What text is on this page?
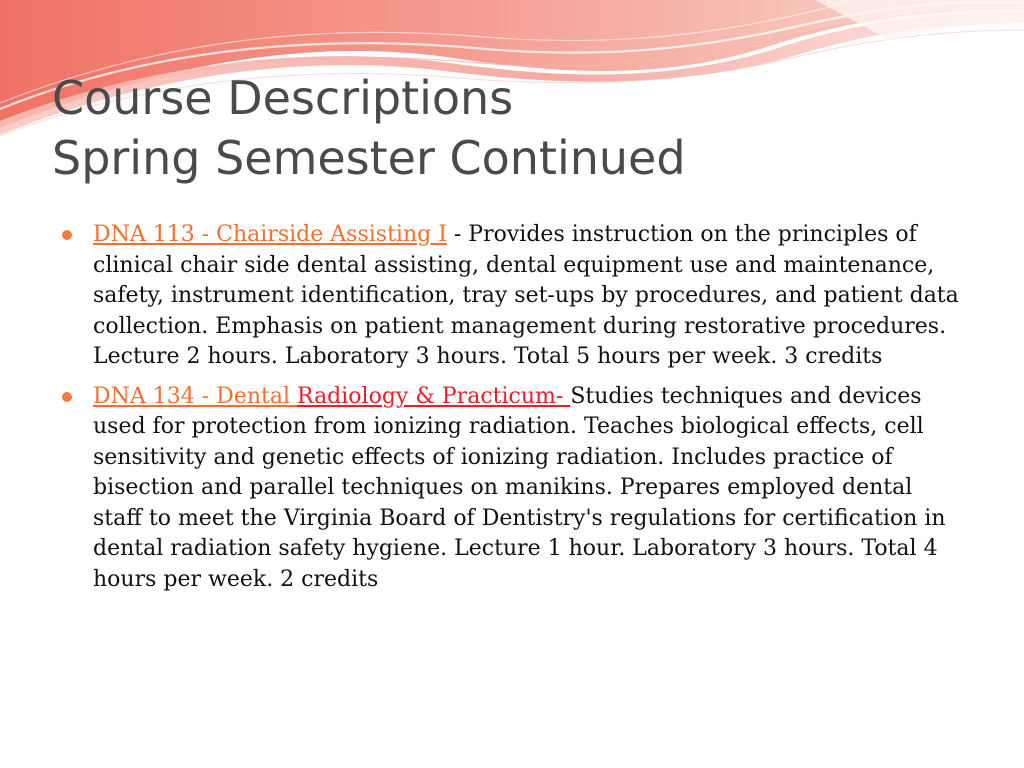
Course Descriptions
Spring Semester Continued
DNA 113 - Chairside Assisting I - Provides instruction on the principles of clinical chair side dental assisting, dental equipment use and maintenance, safety, instrument identification, tray set-ups by procedures, and patient data collection. Emphasis on patient management during restorative procedures. Lecture 2 hours. Laboratory 3 hours. Total 5 hours per week. 3 credits
DNA 134 - Dental Radiology & Practicum- Studies techniques and devices used for protection from ionizing radiation. Teaches biological effects, cell sensitivity and genetic effects of ionizing radiation. Includes practice of bisection and parallel techniques on manikins. Prepares employed dental staff to meet the Virginia Board of Dentistry's regulations for certification in dental radiation safety hygiene. Lecture 1 hour. Laboratory 3 hours. Total 4 hours per week. 2 credits
